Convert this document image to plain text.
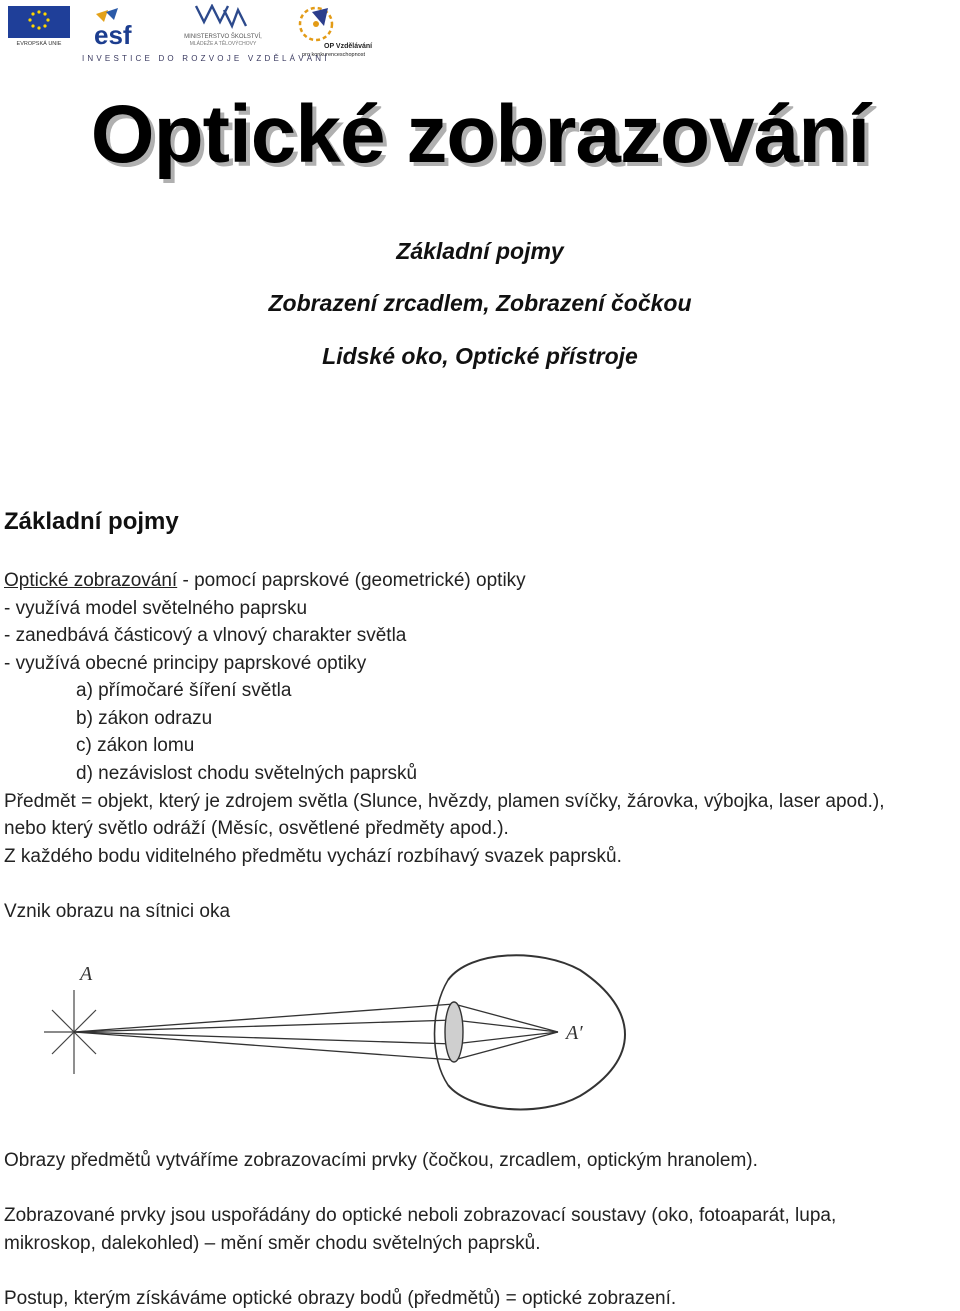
EVROPSKÁ UNIE esf	MINISTERSTVO ŠKOLSTVÍ,
MLÁDEŽE A TĚLOVÝCHOVY	OP Vzdělávání
pro konkurenceschopnost
INVESTICE DO ROZVOJE VZDĚLÁVÁNÍ
Optické zobrazování
Základní pojmy
Zobrazení zrcadlem, Zobrazení čočkou
Lidské oko, Optické přístroje
Základní pojmy
Optické zobrazování - pomocí paprskové (geometrické) optiky
- využívá model světelného paprsku
- zanedbává částicový a vlnový charakter světla
- využívá obecné principy paprskové optiky
a) přímočaré šíření světla
b) zákon odrazu
c) zákon lomu
d) nezávislost chodu světelných paprsků
Předmět = objekt, který je zdrojem světla (Slunce, hvězdy, plamen svíčky, žárovka, výbojka, laser apod.),
nebo který světlo odráží (Měsíc, osvětlené předměty apod.).
Z každého bodu viditelného předmětu vychází rozbíhavý svazek paprsků.
Vznik obrazu na sítnici oka
A
A′
Obrazy předmětů vytváříme zobrazovacími prvky (čočkou, zrcadlem, optickým hranolem).
Zobrazované prvky jsou uspořádány do optické neboli zobrazovací soustavy (oko, fotoaparát, lupa,
mikroskop, dalekohled) – mění směr chodu světelných paprsků.
Postup, kterým získáváme optické obrazy bodů (předmětů) = optické zobrazení.
